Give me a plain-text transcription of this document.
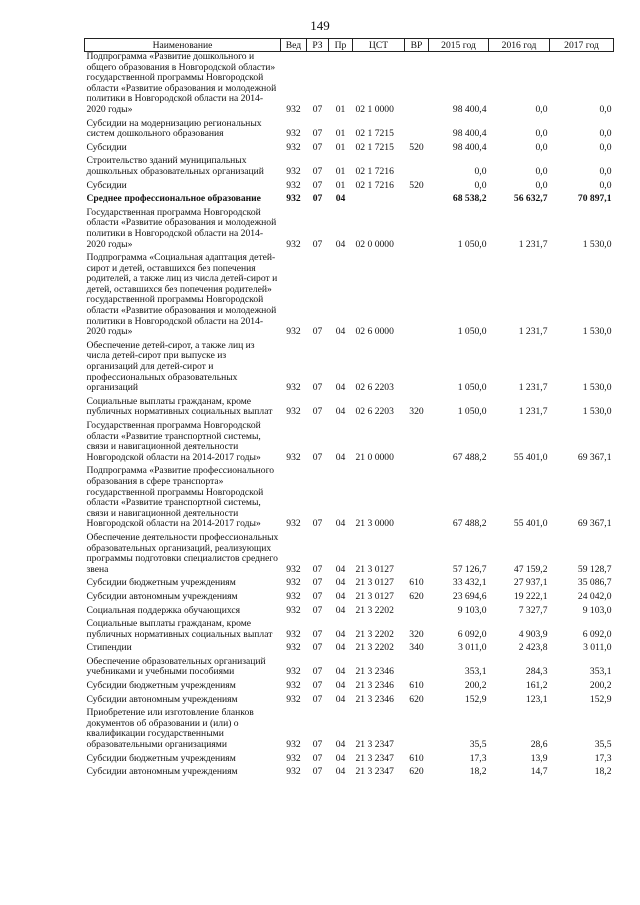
149
Наименование	Вед	РЗ	Пр	ЦСТ	ВР	2015 год	2016 год	2017 год
Подпрограмма «Развитие дошкольного и общего образования в Новгородской области» государственной программы Новгородской области «Развитие образования и молодежной политики в Новгородской области на 2014-2020 годы»	932	07	01	02 1 0000		98 400,4	0,0	0,0
Субсидии на модернизацию региональных систем дошкольного образования	932	07	01	02 1 7215		98 400,4	0,0	0,0
Субсидии	932	07	01	02 1 7215	520	98 400,4	0,0	0,0
Строительство зданий муниципальных дошкольных образовательных организаций	932	07	01	02 1 7216		0,0	0,0	0,0
Субсидии	932	07	01	02 1 7216	520	0,0	0,0	0,0
Среднее профессиональное образование	932	07	04			68 538,2	56 632,7	70 897,1
Государственная программа Новгородской области «Развитие образования и молодежной политики в Новгородской области на 2014-2020 годы»	932	07	04	02 0 0000		1 050,0	1 231,7	1 530,0
Подпрограмма «Социальная адаптация детей-сирот и детей, оставшихся без попечения родителей, а также лиц из числа детей-сирот и детей, оставшихся без попечения родителей» государственной программы Новгородской области «Развитие образования и молодежной политики в Новгородской области на 2014-2020 годы»	932	07	04	02 6 0000		1 050,0	1 231,7	1 530,0
Обеспечение детей-сирот, а также лиц из числа детей-сирот при выпуске из организаций для детей-сирот и профессиональных образовательных организаций	932	07	04	02 6 2203		1 050,0	1 231,7	1 530,0
Социальные выплаты гражданам, кроме публичных нормативных социальных выплат	932	07	04	02 6 2203	320	1 050,0	1 231,7	1 530,0
Государственная программа Новгородской области «Развитие транспортной системы, связи и навигационной деятельности Новгородской области на 2014-2017 годы»	932	07	04	21 0 0000		67 488,2	55 401,0	69 367,1
Подпрограмма «Развитие профессионального образования в сфере транспорта» государственной программы Новгородской области «Развитие транспортной системы, связи и навигационной деятельности Новгородской области на 2014-2017 годы»	932	07	04	21 3 0000		67 488,2	55 401,0	69 367,1
Обеспечение деятельности профессиональных образовательных организаций, реализующих программы подготовки специалистов среднего звена	932	07	04	21 3 0127		57 126,7	47 159,2	59 128,7
Субсидии бюджетным учреждениям	932	07	04	21 3 0127	610	33 432,1	27 937,1	35 086,7
Субсидии автономным учреждениям	932	07	04	21 3 0127	620	23 694,6	19 222,1	24 042,0
Социальная поддержка обучающихся	932	07	04	21 3 2202		9 103,0	7 327,7	9 103,0
Социальные выплаты гражданам, кроме публичных нормативных социальных выплат	932	07	04	21 3 2202	320	6 092,0	4 903,9	6 092,0
Стипендии	932	07	04	21 3 2202	340	3 011,0	2 423,8	3 011,0
Обеспечение образовательных организаций учебниками и учебными пособиями	932	07	04	21 3 2346		353,1	284,3	353,1
Субсидии бюджетным учреждениям	932	07	04	21 3 2346	610	200,2	161,2	200,2
Субсидии автономным учреждениям	932	07	04	21 3 2346	620	152,9	123,1	152,9
Приобретение или изготовление бланков документов об образовании и (или) о квалификации государственными образовательными организациями	932	07	04	21 3 2347		35,5	28,6	35,5
Субсидии бюджетным учреждениям	932	07	04	21 3 2347	610	17,3	13,9	17,3
Субсидии автономным учреждениям	932	07	04	21 3 2347	620	18,2	14,7	18,2
